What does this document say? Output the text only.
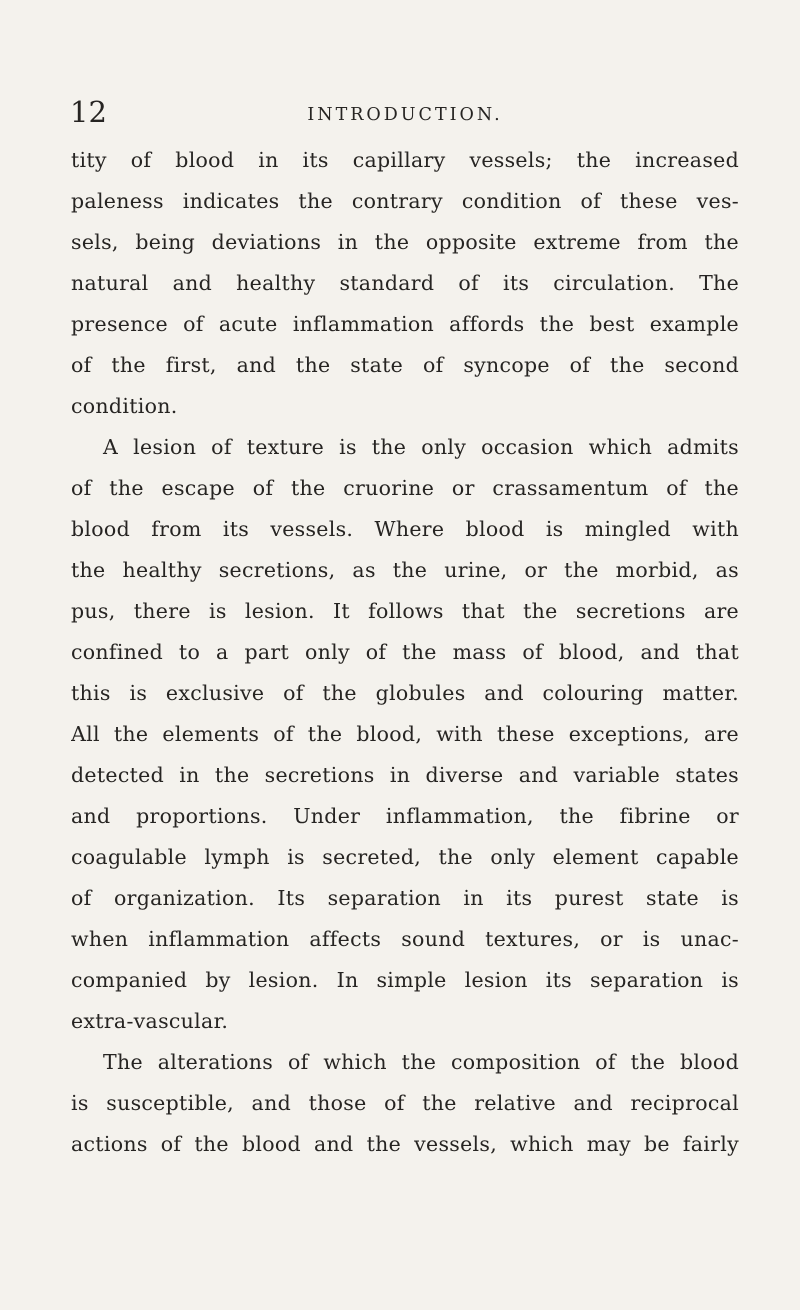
12	INTRODUCTION.
tity of blood in its capillary vessels; the increased
paleness indicates the contrary condition of these ves-
sels, being deviations in the opposite extreme from the
natural and healthy standard of its circulation. The
presence of acute inflammation affords the best example
of the first, and the state of syncope of the second
condition.
A lesion of texture is the only occasion which admits
of the escape of the cruorine or crassamentum of the
blood from its vessels. Where blood is mingled with
the healthy secretions, as the urine, or the morbid, as
pus, there is lesion. It follows that the secretions are
confined to a part only of the mass of blood, and that
this is exclusive of the globules and colouring matter.
All the elements of the blood, with these exceptions, are
detected in the secretions in diverse and variable states
and proportions. Under inflammation, the fibrine or
coagulable lymph is secreted, the only element capable
of organization. Its separation in its purest state is
when inflammation affects sound textures, or is unac-
companied by lesion. In simple lesion its separation is
extra-vascular.
The alterations of which the composition of the blood
is susceptible, and those of the relative and reciprocal
actions of the blood and the vessels, which may be fairly
